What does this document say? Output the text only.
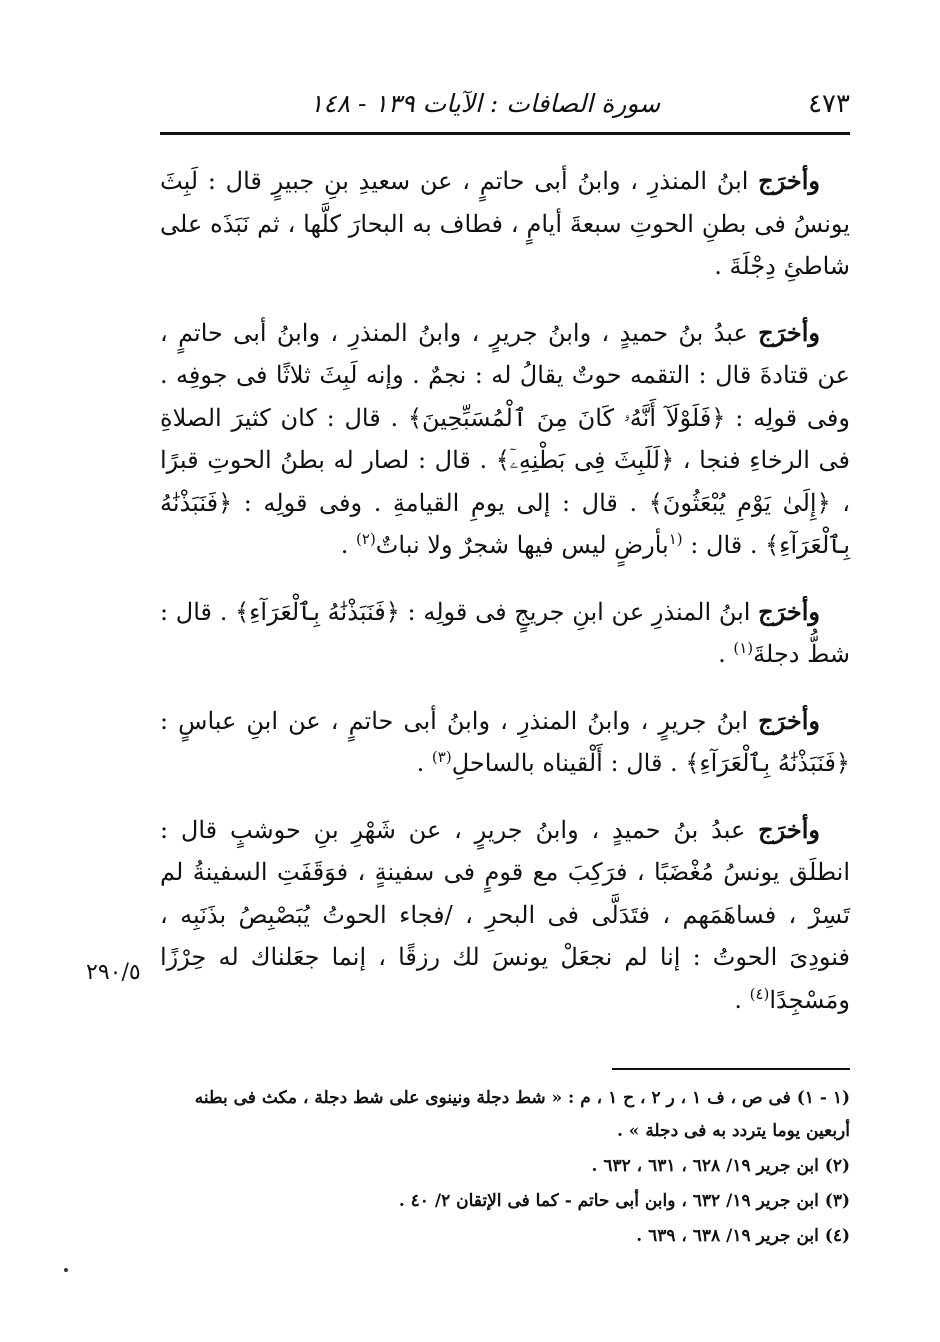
٤٧٣
سورة الصافات : الآيات ١٣٩ - ١٤٨

وأخرَج ابنُ المنذرِ ، وابنُ أبى حاتمٍ ، عن سعيدِ بنِ جبيرٍ قال : لَبِثَ يونسُ فى بطنِ الحوتِ سبعةَ أيامٍ ، فطاف به البحارَ كلَّها ، ثم نَبَذَه على شاطئِ دِجْلَةَ .

وأخرَج عبدُ بنُ حميدٍ ، وابنُ جريرٍ ، وابنُ المنذرِ ، وابنُ أبى حاتمٍ ، عن قتادةَ قال : التقمه حوتٌ يقالُ له : نجمٌ . وإنه لَبِثَ ثلاثًا فى جوفِه . وفى قولِه : ﴿فَلَوْلَآ أَنَّهُۥ كَانَ مِنَ ٱلْمُسَبِّحِينَ﴾ . قال : كان كثيرَ الصلاةِ فى الرخاءِ فنجا ، ﴿لَلَبِثَ فِى بَطْنِهِۦٓ﴾ . قال : لصار له بطنُ الحوتِ قبرًا ، ﴿إِلَىٰ يَوْمِ يُبْعَثُونَ﴾ . قال : إلى يومِ القيامةِ . وفى قولِه : ﴿فَنَبَذْنَٰهُ بِٱلْعَرَآءِ﴾ . قال : $^{(١}$بأرضٍ ليس فيها شجرٌ ولا نباتٌ$^{(٢)}$ .

وأخرَج ابنُ المنذرِ عن ابنِ جريجٍ فى قولِه : ﴿فَنَبَذْنَٰهُ بِٱلْعَرَآءِ﴾ . قال : شطُّ دجلةَ$^{(١)}$ .

وأخرَج ابنُ جريرٍ ، وابنُ المنذرِ ، وابنُ أبى حاتمٍ ، عن ابنِ عباسٍ : ﴿فَنَبَذْنَٰهُ بِٱلْعَرَآءِ﴾ . قال : أَلْقيناه بالساحلِ$^{(٣)}$ .

وأخرَج عبدُ بنُ حميدٍ ، وابنُ جريرٍ ، عن شَهْرِ بنِ حوشبٍ قال : انطلَق يونسُ مُغْضَبًا ، فرَكِبَ مع قومٍ فى سفينةٍ ، فوَقَفَتِ السفينةُ لم تَسِرْ ، فساهَمَهم ، فتَدَلَّى فى البحرِ ، /فجاء الحوتُ يُبَصْبِصُ بذَنَبِه ، فنودِىَ الحوتُ : إنا لم نجعَلْ يونسَ لك رزقًا ، إنما جعَلناك له حِرْزًا ومَسْجِدًا$^{(٤)}$ .

٢٩٠/٥

(١ - ١) فى ص ، ف ١ ، ر ٢ ، ح ١ ، م : « شط دجلة ونينوى على شط دجلة ، مكث فى بطنه أربعين يوما يتردد به فى دجلة » .

(٢) ابن جرير ١٩/ ٦٢٨ ، ٦٣١ ، ٦٣٢ .

(٣) ابن جرير ١٩/ ٦٣٢ ، وابن أبى حاتم - كما فى الإتقان ٢/ ٤٠ .

(٤) ابن جرير ١٩/ ٦٣٨ ، ٦٣٩ .
